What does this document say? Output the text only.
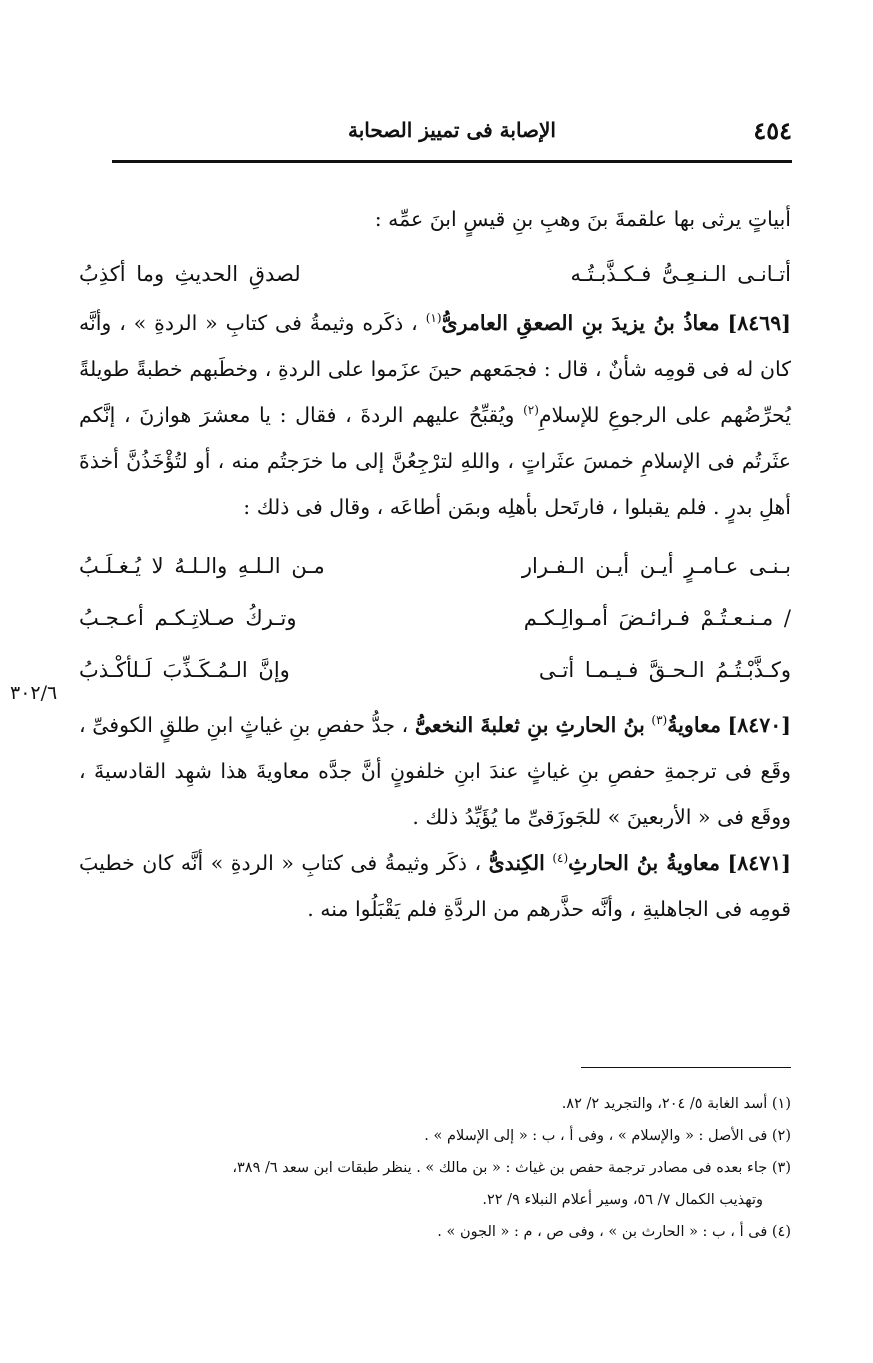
٤٥٤
الإصابة فى تمييز الصحابة
٣٠٢/٦

أبياتٍ يرثى بها علقمةَ بنَ وهبِ بنِ قيسٍ ابنَ عمِّه :

أتـانـى الـنـعِـىُّ فـكـذَّبـتُـه
لصدقِ الحديثِ وما أكذِبُ

[٨٤٦٩] معاذُ بنُ يزيدَ بنِ الصعقِ العامرىُّ$^{(١)}$ ، ذكَره وثيمةُ فى كتابِ « الردةِ » ، وأنَّه كان له فى قومِه شأنٌ ، قال : فجمَعهم حينَ عزَموا على الردةِ ، وخطَبهم خطبةً طويلةً يُحرِّضُهم على الرجوعِ للإسلامِ$^{(٢)}$ ويُقبِّحُ عليهم الردةَ ، فقال : يا معشرَ هوازنَ ، إنَّكم عثَرتُم فى الإسلامِ خمسَ عثَراتٍ ، واللهِ لترْجِعُنَّ إلى ما خرَجتُم منه ، أو لتُؤْخَذُنَّ أخذةَ أهلِ بدرٍ . فلم يقبلوا ، فارتَحل بأهلِه وبمَن أطاعَه ، وقال فى ذلك :

بـنـى عـامـرٍ أيـن أيـن الـفـرار
مـن الـلـهِ والـلـهُ لا يُـغـلَـبُ
/ مـنـعـتُـمْ فـرائـضَ أمـوالِـكـم
وتـركُ صـلاتِـكـم أعـجـبُ
وكـذَّبْـتُـمُ الـحـقَّ فـيـمـا أتـى
وإنَّ الـمُـكَـذِّبَ لَـلأكْـذبُ

[٨٤٧٠] معاويةُ$^{(٣)}$ بنُ الحارثِ بنِ ثعلبةَ النخعىُّ ، جدُّ حفصِ بنِ غياثٍ ابنِ طلقٍ الكوفىِّ ، وقَع فى ترجمةِ حفصِ بنِ غياثٍ عندَ ابنِ خلفونٍ أنَّ جدَّه معاويةَ هذا شهِد القادسيةَ ، ووقَع فى « الأربعينَ » للجَوزَقىِّ ما يُؤَيِّدُ ذلك .

[٨٤٧١] معاويةُ بنُ الحارثِ$^{(٤)}$ الكِندىُّ ، ذكَر وثيمةُ فى كتابِ « الردةِ » أنَّه كان خطيبَ قومِه فى الجاهليةِ ، وأنَّه حذَّرهم من الردَّةِ فلم يَقْبَلُوا منه .

(١) أسد الغابة ٥/ ٢٠٤، والتجريد ٢/ ٨٢.

(٢) فى الأصل : « والإسلام » ، وفى أ ، ب : « إلى الإسلام » .

(٣) جاء بعده فى مصادر ترجمة حفص بن غياث : « بن مالك » . ينظر طبقات ابن سعد ٦/ ٣٨٩،

وتهذيب الكمال ٧/ ٥٦، وسير أعلام النبلاء ٩/ ٢٢.

(٤) فى أ ، ب : « الحارث بن » ، وفى ص ، م : « الجون » .
